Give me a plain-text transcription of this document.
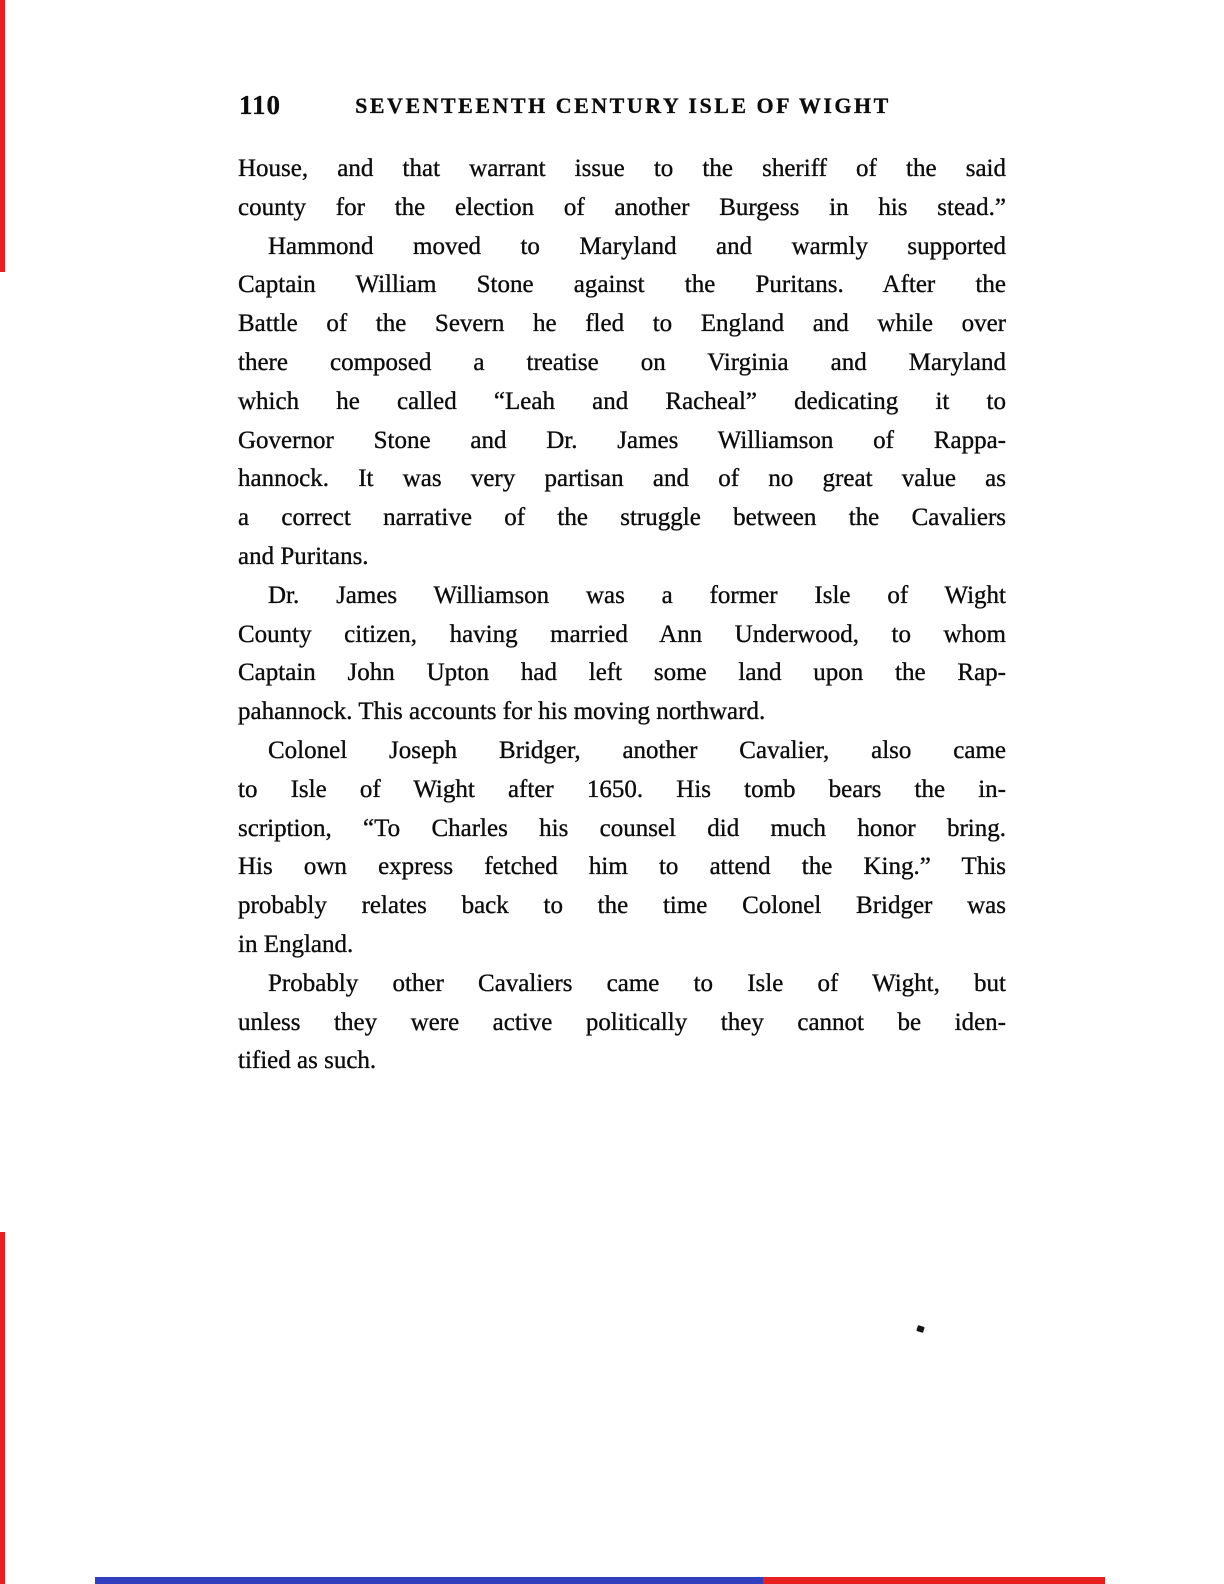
110	SEVENTEENTH CENTURY ISLE OF WIGHT
House, and that warrant issue to the sheriff of the said
county for the election of another Burgess in his stead.”
Hammond moved to Maryland and warmly supported
Captain William Stone against the Puritans. After the
Battle of the Severn he fled to England and while over
there composed a treatise on Virginia and Maryland
which he called “Leah and Racheal” dedicating it to
Governor Stone and Dr. James Williamson of Rappa-
hannock. It was very partisan and of no great value as
a correct narrative of the struggle between the Cavaliers
and Puritans.
Dr. James Williamson was a former Isle of Wight
County citizen, having married Ann Underwood, to whom
Captain John Upton had left some land upon the Rap-
pahannock. This accounts for his moving northward.
Colonel Joseph Bridger, another Cavalier, also came
to Isle of Wight after 1650. His tomb bears the in-
scription, “To Charles his counsel did much honor bring.
His own express fetched him to attend the King.” This
probably relates back to the time Colonel Bridger was
in England.
Probably other Cavaliers came to Isle of Wight, but
unless they were active politically they cannot be iden-
tified as such.
